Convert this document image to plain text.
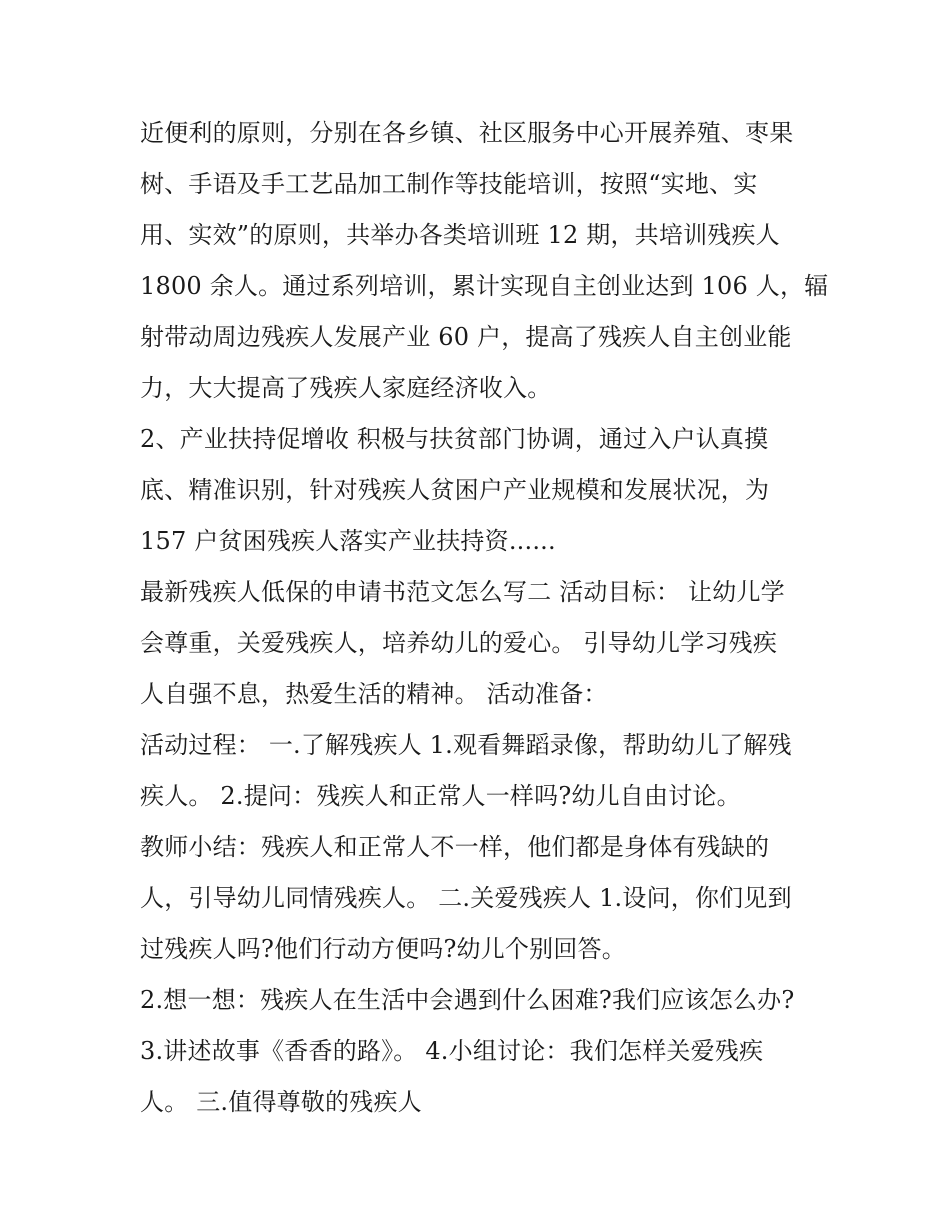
近便利的原则，分别在各乡镇、社区服务中心开展养殖、枣果
树、手语及手工艺品加工制作等技能培训，按照“实地、实
用、实效”的原则，共举办各类培训班 12 期，共培训残疾人
1800 余人。通过系列培训，累计实现自主创业达到 106 人，辐
射带动周边残疾人发展产业 60 户，提高了残疾人自主创业能
力，大大提高了残疾人家庭经济收入。
2、产业扶持促增收 积极与扶贫部门协调，通过入户认真摸
底、精准识别，针对残疾人贫困户产业规模和发展状况，为
157 户贫困残疾人落实产业扶持资......
最新残疾人低保的申请书范文怎么写二 活动目标： 让幼儿学
会尊重，关爱残疾人，培养幼儿的爱心。 引导幼儿学习残疾
人自强不息，热爱生活的精神。 活动准备：
活动过程： 一.了解残疾人 1.观看舞蹈录像，帮助幼儿了解残
疾人。 2.提问：残疾人和正常人一样吗?幼儿自由讨论。
教师小结：残疾人和正常人不一样，他们都是身体有残缺的
人，引导幼儿同情残疾人。 二.关爱残疾人 1.设问，你们见到
过残疾人吗?他们行动方便吗?幼儿个别回答。
2.想一想：残疾人在生活中会遇到什么困难?我们应该怎么办?
3.讲述故事《香香的路》。 4.小组讨论：我们怎样关爱残疾
人。 三.值得尊敬的残疾人
